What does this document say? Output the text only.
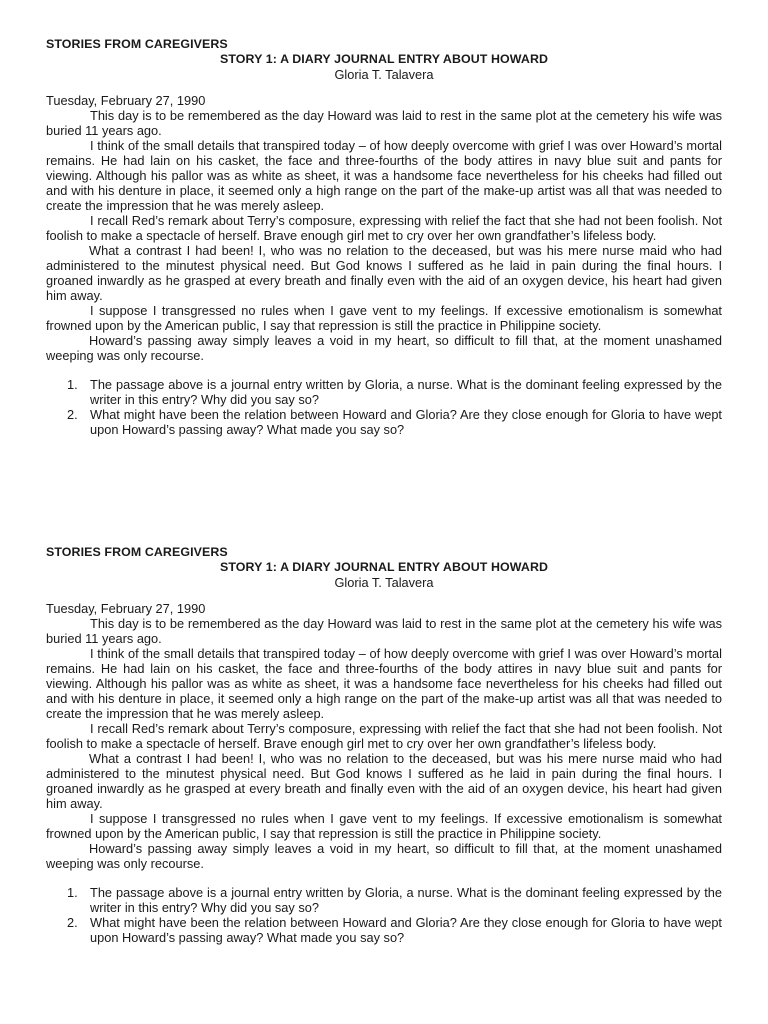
STORIES FROM CAREGIVERS

STORY 1: A DIARY JOURNAL ENTRY ABOUT HOWARD

Gloria T. Talavera

Tuesday, February 27, 1990

This day is to be remembered as the day Howard was laid to rest in the same plot at the cemetery his wife was buried 11 years ago.

I think of the small details that transpired today – of how deeply overcome with grief I was over Howard’s mortal remains. He had lain on his casket, the face and three-fourths of the body attires in navy blue suit and pants for viewing. Although his pallor was as white as sheet, it was a handsome face nevertheless for his cheeks had filled out and with his denture in place, it seemed only a high range on the part of the make-up artist was all that was needed to create the impression that he was merely asleep.

I recall Red’s remark about Terry’s composure, expressing with relief the fact that she had not been foolish. Not foolish to make a spectacle of herself. Brave enough girl met to cry over her own grandfather’s lifeless body.

What a contrast I had been! I, who was no relation to the deceased, but was his mere nurse maid who had administered to the minutest physical need. But God knows I suffered as he laid in pain during the final hours. I groaned inwardly as he grasped at every breath and finally even with the aid of an oxygen device, his heart had given him away.

I suppose I transgressed no rules when I gave vent to my feelings. If excessive emotionalism is somewhat frowned upon by the American public, I say that repression is still the practice in Philippine society.

Howard’s passing away simply leaves a void in my heart, so difficult to fill that, at the moment unashamed weeping was only recourse.

1. The passage above is a journal entry written by Gloria, a nurse. What is the dominant feeling expressed by the writer in this entry? Why did you say so?
2. What might have been the relation between Howard and Gloria? Are they close enough for Gloria to have wept upon Howard’s passing away? What made you say so?

STORIES FROM CAREGIVERS

STORY 1: A DIARY JOURNAL ENTRY ABOUT HOWARD

Gloria T. Talavera

Tuesday, February 27, 1990

This day is to be remembered as the day Howard was laid to rest in the same plot at the cemetery his wife was buried 11 years ago.

I think of the small details that transpired today – of how deeply overcome with grief I was over Howard’s mortal remains. He had lain on his casket, the face and three-fourths of the body attires in navy blue suit and pants for viewing. Although his pallor was as white as sheet, it was a handsome face nevertheless for his cheeks had filled out and with his denture in place, it seemed only a high range on the part of the make-up artist was all that was needed to create the impression that he was merely asleep.

I recall Red’s remark about Terry’s composure, expressing with relief the fact that she had not been foolish. Not foolish to make a spectacle of herself. Brave enough girl met to cry over her own grandfather’s lifeless body.

What a contrast I had been! I, who was no relation to the deceased, but was his mere nurse maid who had administered to the minutest physical need. But God knows I suffered as he laid in pain during the final hours. I groaned inwardly as he grasped at every breath and finally even with the aid of an oxygen device, his heart had given him away.

I suppose I transgressed no rules when I gave vent to my feelings. If excessive emotionalism is somewhat frowned upon by the American public, I say that repression is still the practice in Philippine society.

Howard’s passing away simply leaves a void in my heart, so difficult to fill that, at the moment unashamed weeping was only recourse.

1. The passage above is a journal entry written by Gloria, a nurse. What is the dominant feeling expressed by the writer in this entry? Why did you say so?
2. What might have been the relation between Howard and Gloria? Are they close enough for Gloria to have wept upon Howard’s passing away? What made you say so?
